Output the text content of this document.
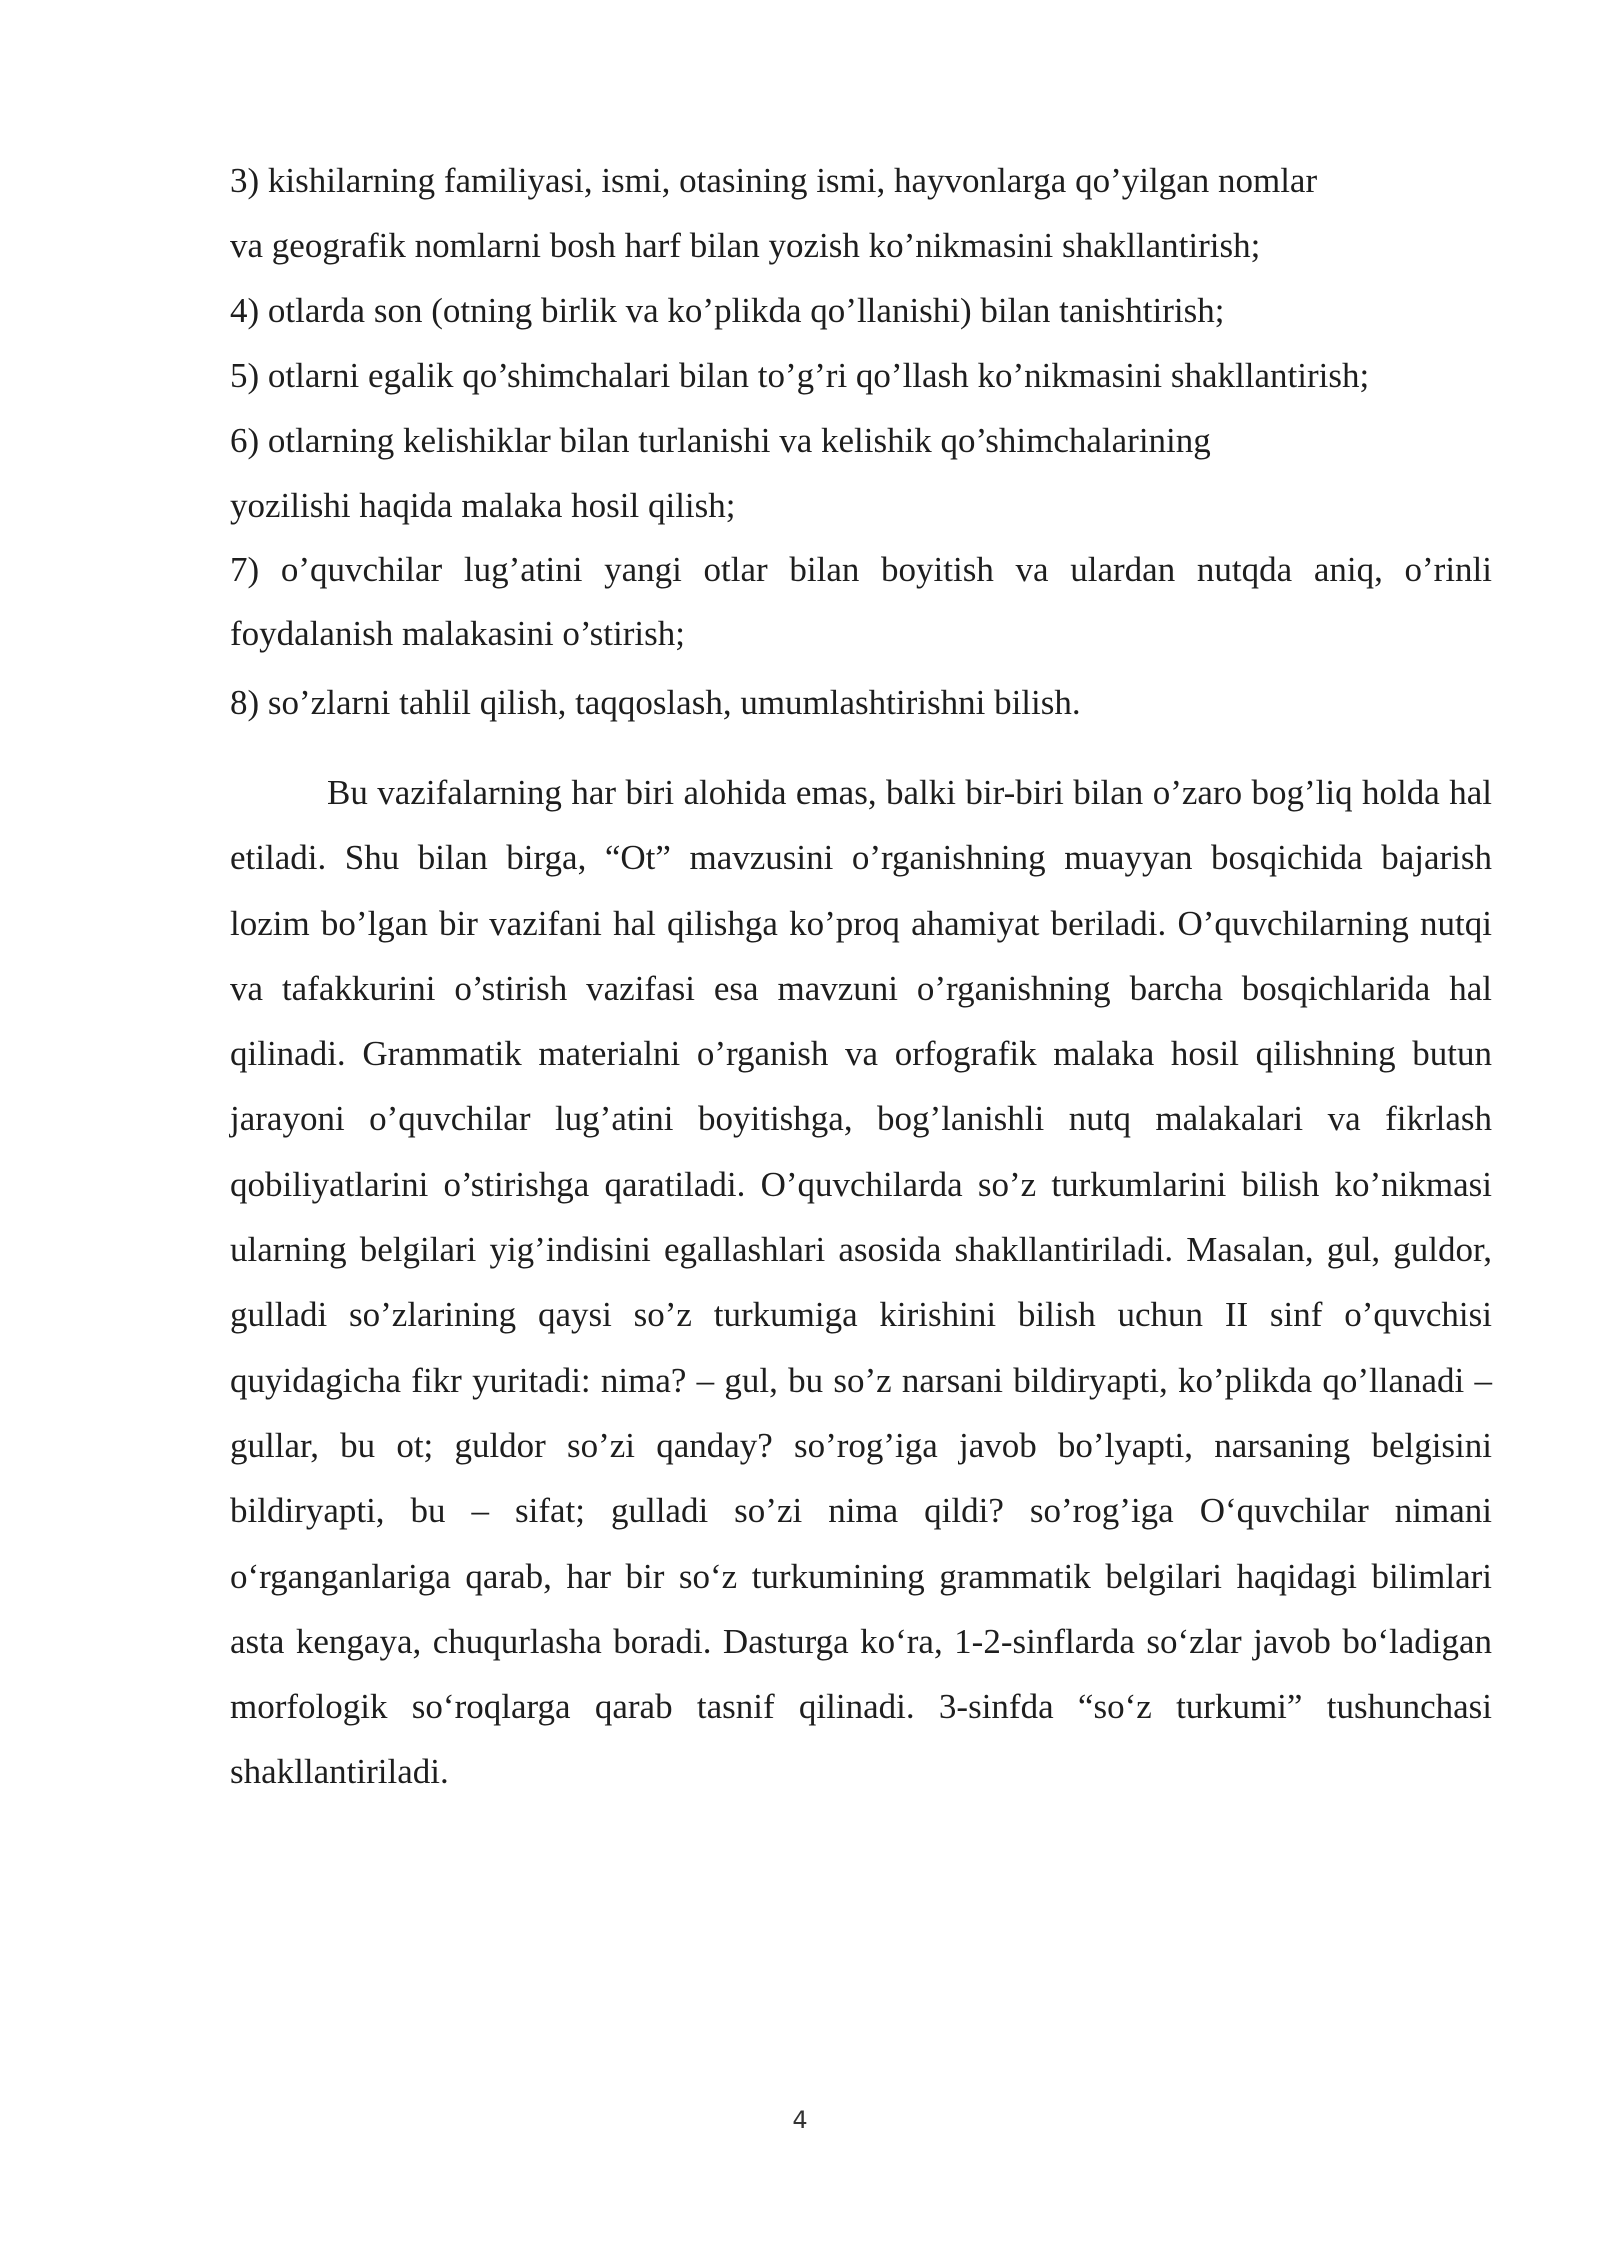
3) kishilarning familiyasi, ismi, otasining ismi, hayvonlarga qo’yilgan nomlar

va geografik nomlarni bosh harf bilan yozish ko’nikmasini shakllantirish;

4) otlarda son (otning birlik va ko’plikda qo’llanishi) bilan tanishtirish;

5) otlarni egalik qo’shimchalari bilan to’g’ri qo’llash ko’nikmasini shakllantirish;

6) otlarning kelishiklar bilan turlanishi va kelishik qo’shimchalarining

yozilishi haqida malaka hosil qilish;

7) o’quvchilar lug’atini yangi otlar bilan boyitish va ulardan nutqda aniq, o’rinli foydalanish malakasini o’stirish;

8) so’zlarni tahlil qilish, taqqoslash, umumlashtirishni bilish.

Bu vazifalarning har biri alohida emas, balki bir-biri bilan o’zaro bog’liq holda hal etiladi. Shu bilan birga, “Ot” mavzusini o’rganishning muayyan bosqichida bajarish lozim bo’lgan bir vazifani hal qilishga ko’proq ahamiyat beriladi. O’quvchilarning nutqi va tafakkurini o’stirish vazifasi esa mavzuni o’rganishning barcha bosqichlarida hal qilinadi. Grammatik materialni o’rganish va orfografik malaka hosil qilishning butun jarayoni o’quvchilar lug’atini boyitishga, bog’lanishli nutq malakalari va fikrlash qobiliyatlarini o’stirishga qaratiladi. O’quvchilarda so’z turkumlarini bilish ko’nikmasi ularning belgilari yig’indisini egallashlari asosida shakllantiriladi. Masalan, gul, guldor, gulladi so’zlarining qaysi so’z turkumiga kirishini bilish uchun II sinf o’quvchisi quyidagicha fikr yuritadi: nima? – gul, bu so’z narsani bildiryapti, ko’plikda qo’llanadi – gullar, bu ot; guldor so’zi qanday? so’rog’iga javob bo’lyapti, narsaning belgisini bildiryapti, bu – sifat; gulladi so’zi nima qildi? so’rog’iga O‘quvchilar nimani o‘rganganlariga qarab, har bir so‘z turkumining grammatik belgilari haqidagi bilimlari asta kengaya, chuqurlasha boradi. Dasturga ko‘ra, 1-2-sinflarda so‘zlar javob bo‘ladigan morfologik so‘roqlarga qarab tasnif qilinadi. 3-sinfda “so‘z turkumi” tushunchasi shakllantiriladi.

4
